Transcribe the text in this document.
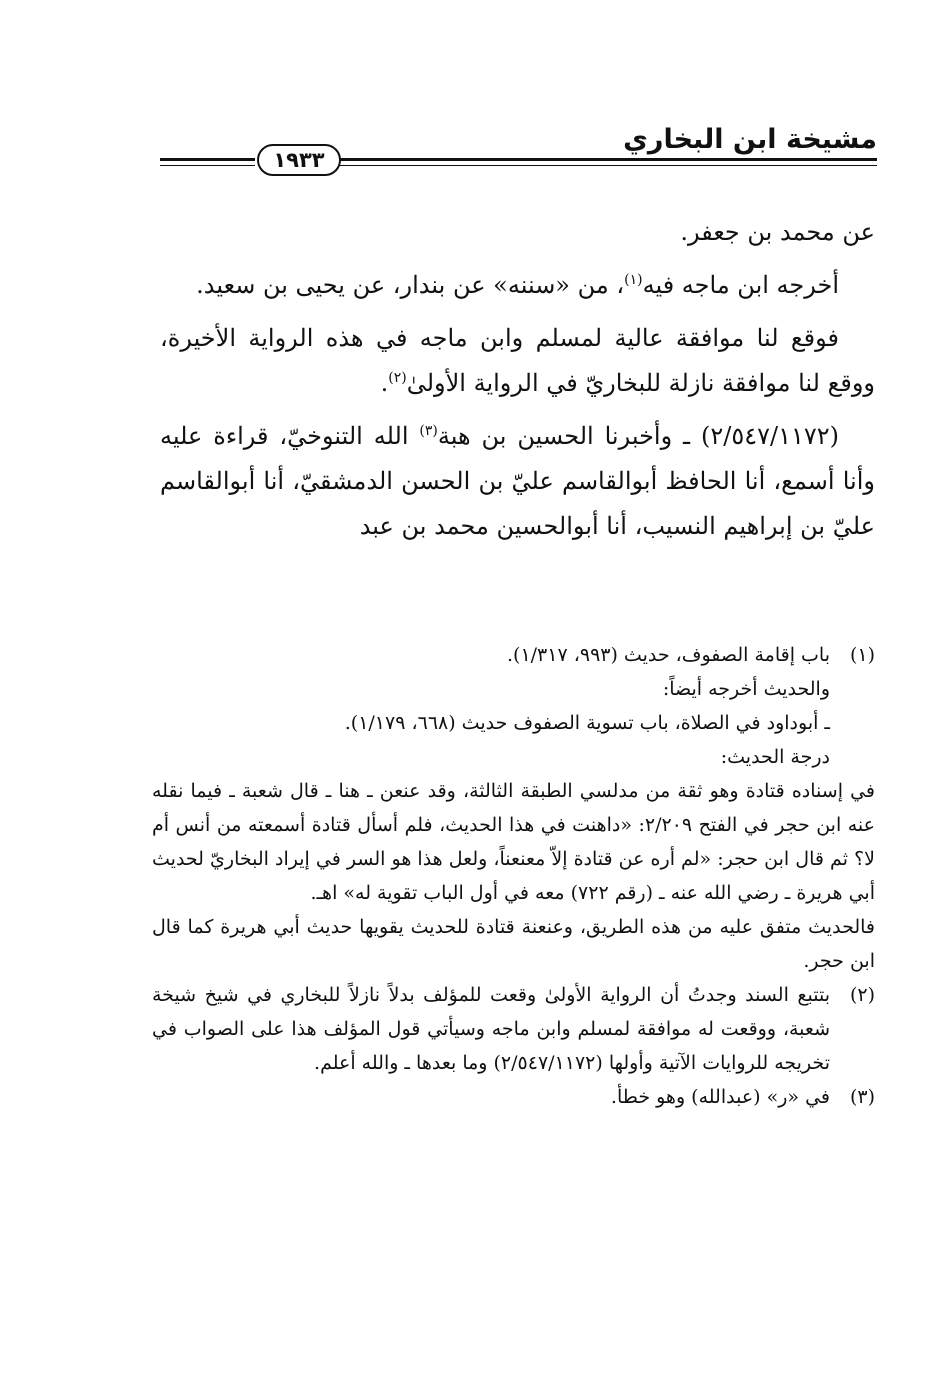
مشيخة ابن البخاري
١٩٣٣

عن محمد بن جعفر.

أخرجه ابن ماجه فيه$^{(١)}$، من «سننه» عن بندار، عن يحيى بن سعيد.

فوقع لنا موافقة عالية لمسلم وابن ماجه في هذه الرواية الأخيرة، ووقع لنا موافقة نازلة للبخاريّ في الرواية الأولىٰ$^{(٢)}$.

(٢/٥٤٧/١١٧٢) ـ وأخبرنا الحسين بن هبة$^{(٣)}$ الله التنوخيّ، قراءة عليه وأنا أسمع، أنا الحافظ أبوالقاسم عليّ بن الحسن الدمشقيّ، أنا أبوالقاسم عليّ بن إبراهيم النسيب، أنا أبوالحسين محمد بن عبد

(١)
باب إقامة الصفوف، حديث (٩٩٣، ١/٣١٧).
والحديث أخرجه أيضاً:
ـ أبوداود في الصلاة، باب تسوية الصفوف حديث (٦٦٨، ١/١٧٩).
درجة الحديث:
في إسناده قتادة وهو ثقة من مدلسي الطبقة الثالثة، وقد عنعن ـ هنا ـ قال شعبة ـ فيما نقله عنه ابن حجر في الفتح ٢/٢٠٩: «داهنت في هذا الحديث، فلم أسأل قتادة أسمعته من أنس أم لا؟ ثم قال ابن حجر: «لم أره عن قتادة إلاّ معنعناً، ولعل هذا هو السر في إيراد البخاريّ لحديث أبي هريرة ـ رضي الله عنه ـ (رقم ٧٢٢) معه في أول الباب تقوية له» اهـ.
فالحديث متفق عليه من هذه الطريق، وعنعنة قتادة للحديث يقويها حديث أبي هريرة كما قال ابن حجر.
(٢)
بتتبع السند وجدتُ أن الرواية الأولىٰ وقعت للمؤلف بدلاً نازلاً للبخاري في شيخ شيخة شعبة، ووقعت له موافقة لمسلم وابن ماجه وسيأتي قول المؤلف هذا على الصواب في تخريجه للروايات الآتية وأولها (٢/٥٤٧/١١٧٢) وما بعدها ـ والله أعلم.
(٣)
في «ر» (عبدالله) وهو خطأ.
